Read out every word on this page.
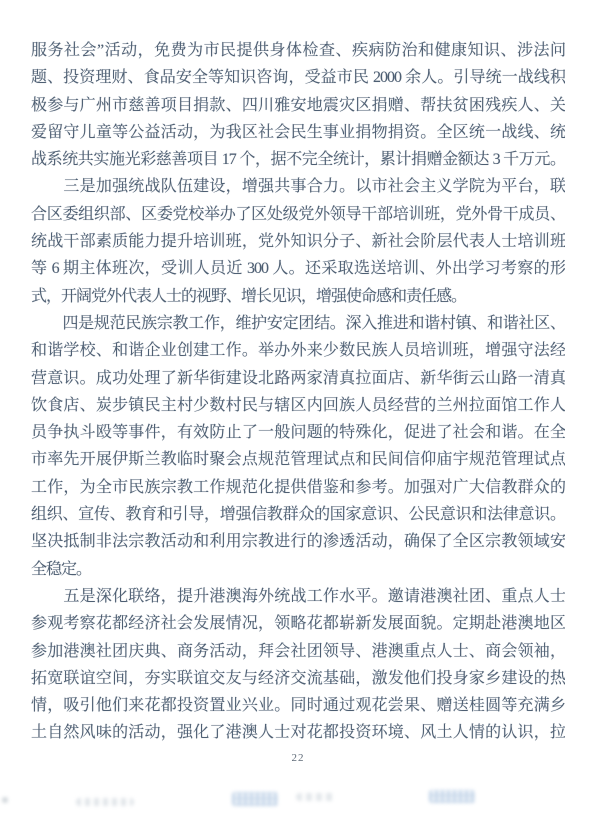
服务社会”活动，免费为市民提供身体检查、疾病防治和健康知识、涉法问
题、投资理财、食品安全等知识咨询，受益市民 2000 余人。引导统一战线积
极参与广州市慈善项目捐款、四川雅安地震灾区捐赠、帮扶贫困残疾人、关
爱留守儿童等公益活动，为我区社会民生事业捐物捐资。全区统一战线、统
战系统共实施光彩慈善项目 17 个，据不完全统计，累计捐赠金额达 3 千万元。
　　三是加强统战队伍建设，增强共事合力。以市社会主义学院为平台，联
合区委组织部、区委党校举办了区处级党外领导干部培训班，党外骨干成员、
统战干部素质能力提升培训班，党外知识分子、新社会阶层代表人士培训班
等 6 期主体班次，受训人员近 300 人。还采取选送培训、外出学习考察的形
式，开阔党外代表人士的视野、增长见识，增强使命感和责任感。
　　四是规范民族宗教工作，维护安定团结。深入推进和谐村镇、和谐社区、
和谐学校、和谐企业创建工作。举办外来少数民族人员培训班，增强守法经
营意识。成功处理了新华街建设北路两家清真拉面店、新华街云山路一清真
饮食店、炭步镇民主村少数村民与辖区内回族人员经营的兰州拉面馆工作人
员争执斗殴等事件，有效防止了一般问题的特殊化，促进了社会和谐。在全
市率先开展伊斯兰教临时聚会点规范管理试点和民间信仰庙宇规范管理试点
工作，为全市民族宗教工作规范化提供借鉴和参考。加强对广大信教群众的
组织、宣传、教育和引导，增强信教群众的国家意识、公民意识和法律意识。
坚决抵制非法宗教活动和利用宗教进行的渗透活动，确保了全区宗教领域安
全稳定。
　　五是深化联络，提升港澳海外统战工作水平。邀请港澳社团、重点人士
参观考察花都经济社会发展情况，领略花都崭新发展面貌。定期赴港澳地区
参加港澳社团庆典、商务活动，拜会社团领导、港澳重点人士、商会领袖，
拓宽联谊空间，夯实联谊交友与经济交流基础，激发他们投身家乡建设的热
情，吸引他们来花都投资置业兴业。同时通过观花尝果、赠送桂圆等充满乡
土自然风味的活动，强化了港澳人士对花都投资环境、风土人情的认识，拉
22
